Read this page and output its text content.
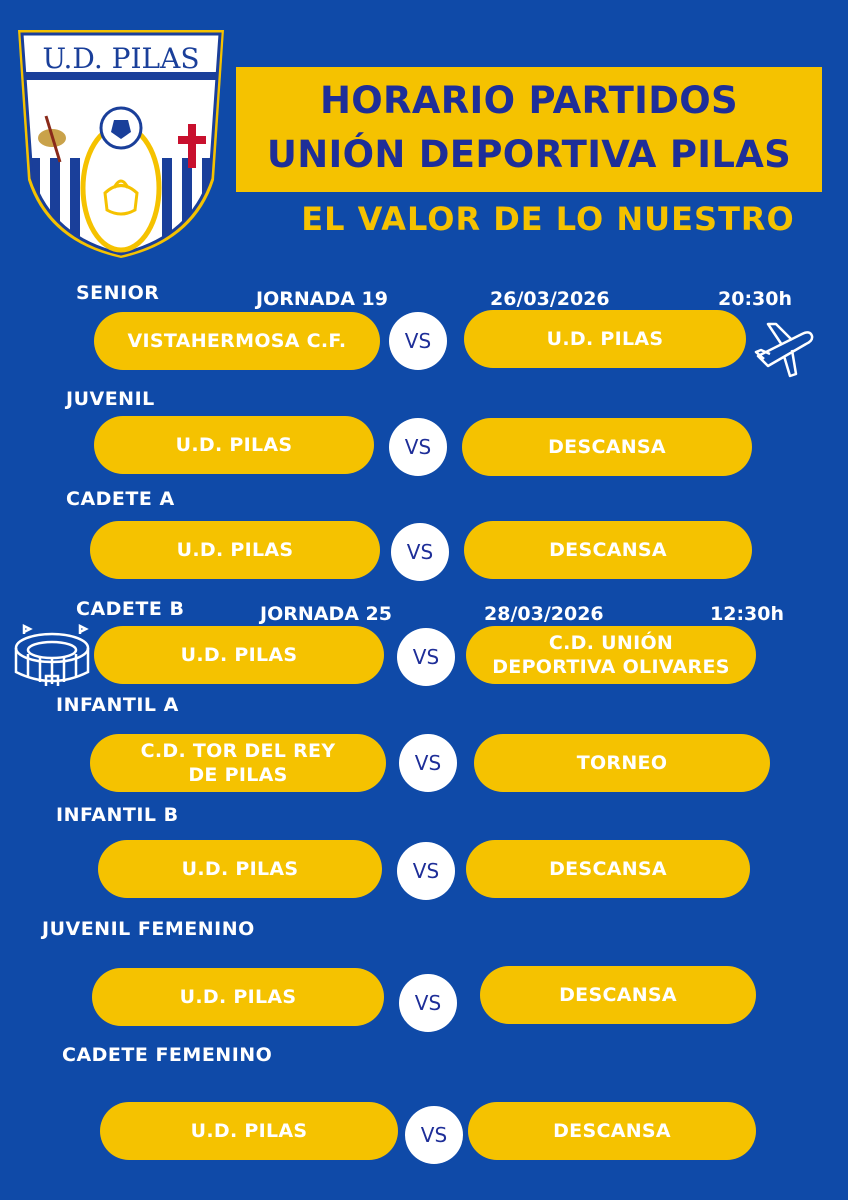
U.D. PILAS
HORARIO PARTIDOS
UNIÓN DEPORTIVA PILAS
EL VALOR DE LO NUESTRO
SENIOR	JORNADA 19	26/03/2026	20:30h
VISTAHERMOSA C.F.	VS	U.D. PILAS
JUVENIL
U.D. PILAS	VS	DESCANSA
CADETE A
U.D. PILAS	VS	DESCANSA
CADETE B	JORNADA 25	28/03/2026	12:30h
U.D. PILAS	VS
C.D. UNIÓN
DEPORTIVA OLIVARES
INFANTIL A
C.D. TOR DEL REY
DE PILAS	VS	TORNEO
INFANTIL B
U.D. PILAS	VS	DESCANSA
JUVENIL FEMENINO
U.D. PILAS	VS	DESCANSA
CADETE FEMENINO
U.D. PILAS	VS	DESCANSA
